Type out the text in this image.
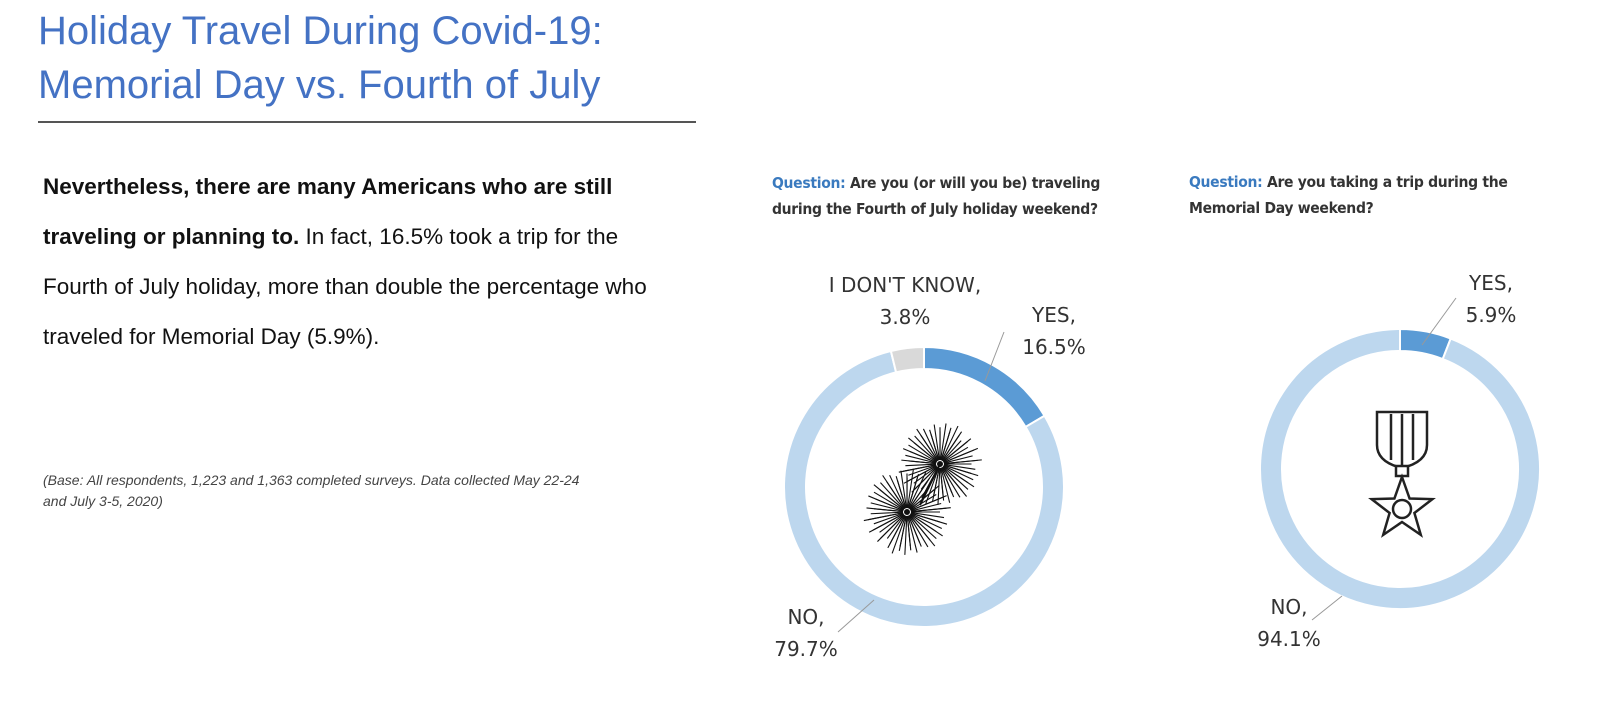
Holiday Travel During Covid-19:
Memorial Day vs. Fourth of July
Nevertheless, there are many Americans who are still traveling or planning to. In fact, 16.5% took a trip for the Fourth of July holiday, more than double the percentage who traveled for Memorial Day (5.9%).
(Base: All respondents, 1,223 and 1,363 completed surveys. Data collected May 22-24 and July 3-5, 2020)
Question: Are you (or will you be) traveling during the Fourth of July holiday weekend?
Question: Are you taking a trip during the Memorial Day weekend?
YES,
16.5%
NO,
79.7%
I DON'T KNOW,
3.8%
YES,
5.9%
NO,
94.1%
